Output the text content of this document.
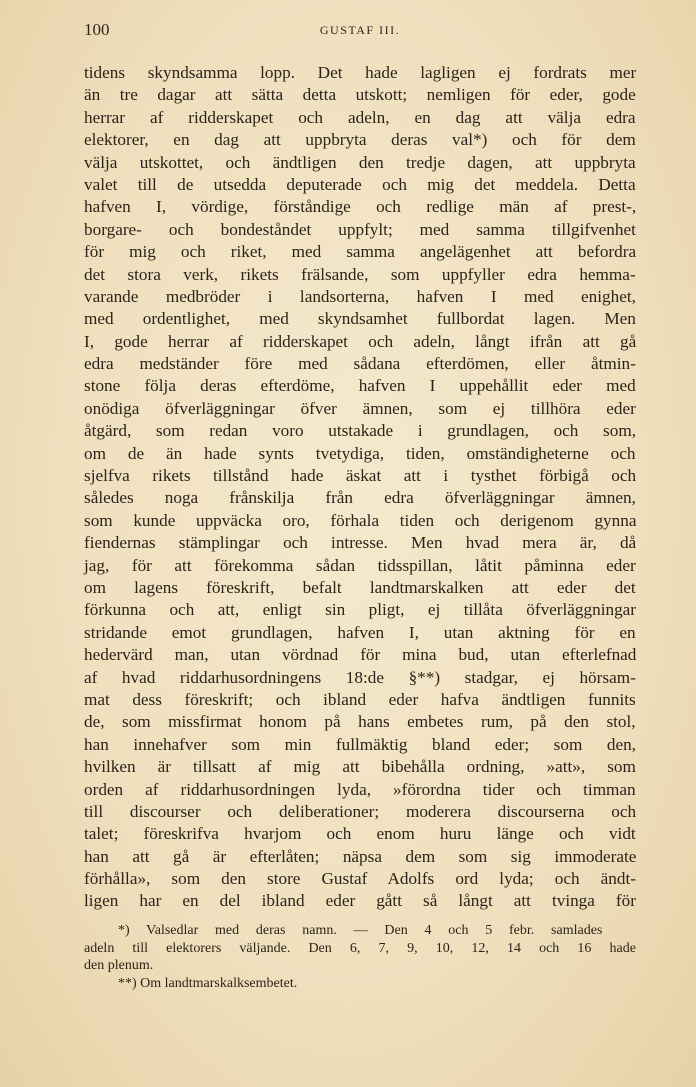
100	GUSTAF III.
tidens skyndsamma lopp. Det hade lagligen ej fordrats mer
än tre dagar att sätta detta utskott; nemligen för eder, gode
herrar af ridderskapet och adeln, en dag att välja edra
elektorer, en dag att uppbryta deras val*) och för dem
välja utskottet, och ändtligen den tredje dagen, att uppbryta
valet till de utsedda deputerade och mig det meddela. Detta
hafven I, vördige, förståndige och redlige män af prest-,
borgare- och bondeståndet uppfylt; med samma tillgifvenhet
för mig och riket, med samma angelägenhet att befordra
det stora verk, rikets frälsande, som uppfyller edra hemma-
varande medbröder i landsorterna, hafven I med enighet,
med ordentlighet, med skyndsamhet fullbordat lagen. Men
I, gode herrar af ridderskapet och adeln, långt ifrån att gå
edra medständer före med sådana efterdömen, eller åtmin-
stone följa deras efterdöme, hafven I uppehållit eder med
onödiga öfverläggningar öfver ämnen, som ej tillhöra eder
åtgärd, som redan voro utstakade i grundlagen, och som,
om de än hade synts tvetydiga, tiden, omständigheterne och
sjelfva rikets tillstånd hade äskat att i tysthet förbigå och
således noga frånskilja från edra öfverläggningar ämnen,
som kunde uppväcka oro, förhala tiden och derigenom gynna
fiendernas stämplingar och intresse. Men hvad mera är, då
jag, för att förekomma sådan tidsspillan, låtit påminna eder
om lagens föreskrift, befalt landtmarskalken att eder det
förkunna och att, enligt sin pligt, ej tillåta öfverläggningar
stridande emot grundlagen, hafven I, utan aktning för en
hedervärd man, utan vördnad för mina bud, utan efterlefnad
af hvad riddarhusordningens 18:de §**) stadgar, ej hörsam-
mat dess föreskrift; och ibland eder hafva ändtligen funnits
de, som missfirmat honom på hans embetes rum, på den stol,
han innehafver som min fullmäktig bland eder; som den,
hvilken är tillsatt af mig att bibehålla ordning, »att», som
orden af riddarhusordningen lyda, »förordna tider och timman
till discourser och deliberationer; moderera discourserna och
talet; föreskrifva hvarjom och enom huru länge och vidt
han att gå är efterlåten; näpsa dem som sig immoderate
förhålla», som den store Gustaf Adolfs ord lyda; och ändt-
ligen har en del ibland eder gått så långt att tvinga för
*) Valsedlar med deras namn. — Den 4 och 5 febr. samlades
adeln till elektorers väljande. Den 6, 7, 9, 10, 12, 14 och 16 hade
den plenum.
**) Om landtmarskalksembetet.
